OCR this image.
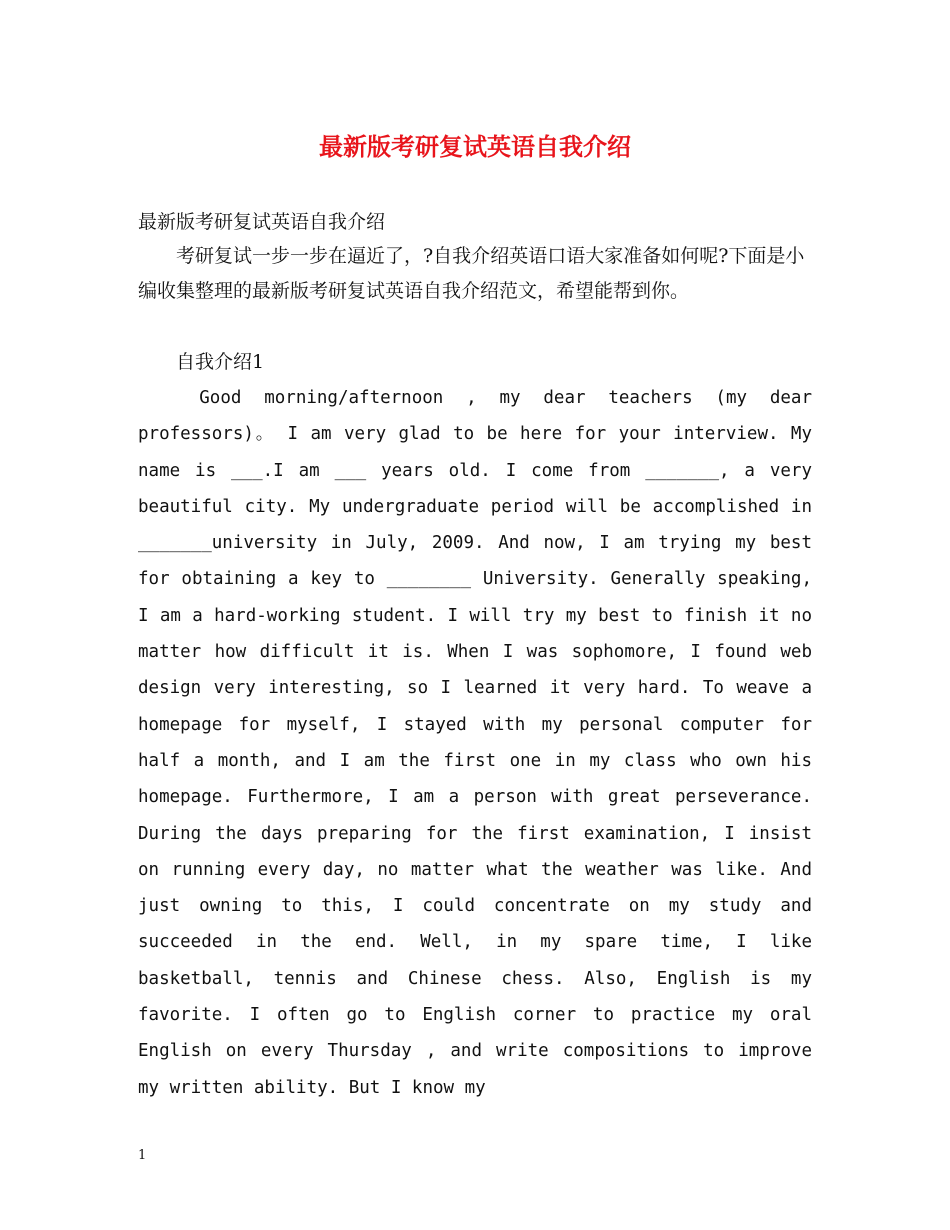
最新版考研复试英语自我介绍

最新版考研复试英语自我介绍

考研复试一步一步在逼近了，?自我介绍英语口语大家准备如何呢?下面是小编收集整理的最新版考研复试英语自我介绍范文，希望能帮到你。

自我介绍1

Good morning/afternoon , my dear teachers (my dear professors)。 I am very glad to be here for your interview. My name is ___.I am ___ years old. I come from _______, a very beautiful city. My undergraduate period will be accomplished in _______university in July, 2009. And now, I am trying my best for obtaining a key to ________ University. Generally speaking, I am a hard-working student. I will try my best to finish it no matter how difficult it is. When I was sophomore, I found web design very interesting, so I learned it very hard. To weave a homepage for myself, I stayed with my personal computer for half a month, and I am the first one in my class who own his homepage. Furthermore, I am a person with great perseverance. During the days preparing for the first examination, I insist on running every day, no matter what the weather was like. And just owning to this, I could concentrate on my study and succeeded in the end. Well, in my spare time, I like basketball, tennis and Chinese chess. Also, English is my favorite. I often go to English corner to practice my oral English on every Thursday , and write compositions to improve my written ability. But I know my

1
